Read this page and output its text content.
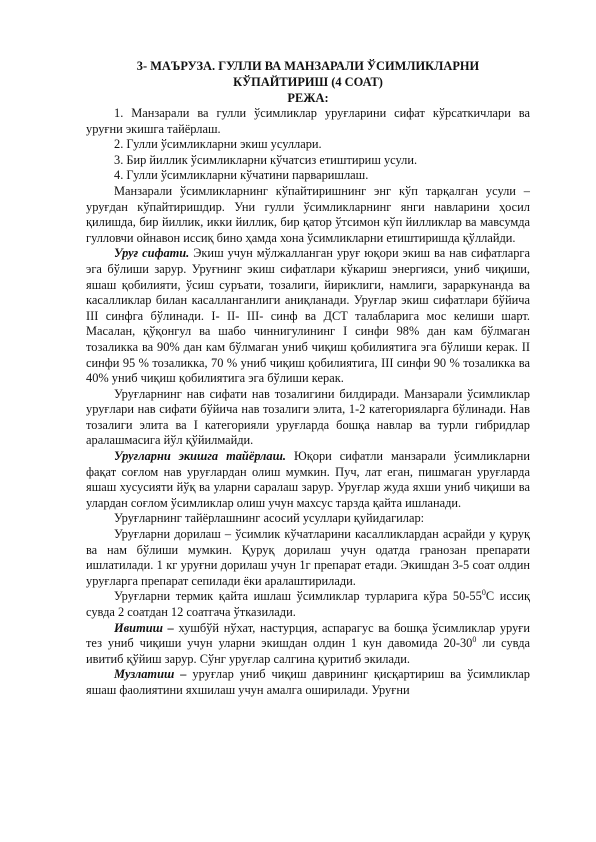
3- МАЪРУЗА. ГУЛЛИ ВА МАНЗАРАЛИ ЎСИМЛИКЛАРНИ
КЎПАЙТИРИШ (4 СОАТ)
РЕЖА:

1. Манзарали ва гулли ўсимликлар уруғларини сифат кўрсаткичлари ва уруғни экишга тайёрлаш.

2. Гулли ўсимликларни экиш усуллари.

3. Бир йиллик ўсимликларни кўчатсиз етиштириш усули.

4. Гулли ўсимликларни кўчатини парваришлаш.

Манзарали ўсимликларнинг кўпайтиришнинг энг кўп тарқалган усули – уруғдан кўпайтиришдир. Уни гулли ўсимликларнинг янги навларини ҳосил қилишда, бир йиллик, икки йиллик, бир қатор ўтсимон кўп йилликлар ва мавсумда гулловчи ойнавон иссиқ бино ҳамда хона ўсимликларни етиштиришда қўллайди.

Уруғ сифати. Экиш учун мўлжалланган уруғ юқори экиш ва нав сифатларга эга бўлиши зарур. Уруғнинг экиш сифатлари кўкариш энергияси, униб чиқиши, яшаш қобилияти, ўсиш суръати, тозалиги, йириклиги, намлиги, зараркунанда ва касалликлар билан касалланганлиги аниқланади. Уруғлар экиш сифатлари бўйича III синфга бўлинади. I- II- III- синф ва ДСТ талабларига мос келиши шарт. Масалан, қўқонгул ва шабо чиннигулининг I синфи 98% дан кам бўлмаган тозаликка ва 90% дан кам бўлмаган униб чиқиш қобилиятига эга бўлиши керак. II синфи 95 % тозаликка, 70 % униб чиқиш қобилиятига, III синфи 90 % тозаликка ва 40% униб чиқиш қобилиятига эга бўлиши керак.

Уруғларнинг нав сифати нав тозалигини билдиради. Манзарали ўсимликлар уруғлари нав сифати бўйича нав тозалиги элита, 1-2 категорияларга бўлинади. Нав тозалиги элита ва I категорияли уруғларда бошқа навлар ва турли гибридлар аралашмасига йўл қўйилмайди.

Уруғларни экишга тайёрлаш. Юқори сифатли манзарали ўсимликларни фақат соғлом нав уруғлардан олиш мумкин. Пуч, лат еган, пишмаган уруғларда яшаш хусусияти йўқ ва уларни саралаш зарур. Уруғлар жуда яхши униб чиқиши ва улардан соғлом ўсимликлар олиш учун махсус тарзда қайта ишланади.

Уруғларнинг тайёрлашнинг асосий усуллари қуйидагилар:

Уруғларни дорилаш – ўсимлик кўчатларини касалликлардан асрайди у қуруқ ва нам бўлиши мумкин. Қуруқ дорилаш учун одатда гранозан препарати ишлатилади. 1 кг уруғни дорилаш учун 1г препарат етади. Экишдан 3-5 соат олдин уруғларга препарат сепилади ёки аралаштирилади.

Уруғларни термик қайта ишлаш ўсимликлар турларига кўра $50-55^0С$ иссиқ сувда 2 соатдан 12 соатгача ўтказилади.

Ивитиш – хушбўй нўхат, настурция, аспарагус ва бошқа ўсимликлар уруғи тез униб чиқиши учун уларни экишдан олдин 1 кун давомида $20-30^0$ ли сувда ивитиб қўйиш зарур. Сўнг уруғлар салгина қуритиб экилади.

Музлатиш – уруғлар униб чиқиш даврининг қисқартириш ва ўсимликлар яшаш фаолиятини яхшилаш учун амалга оширилади. Уруғни
